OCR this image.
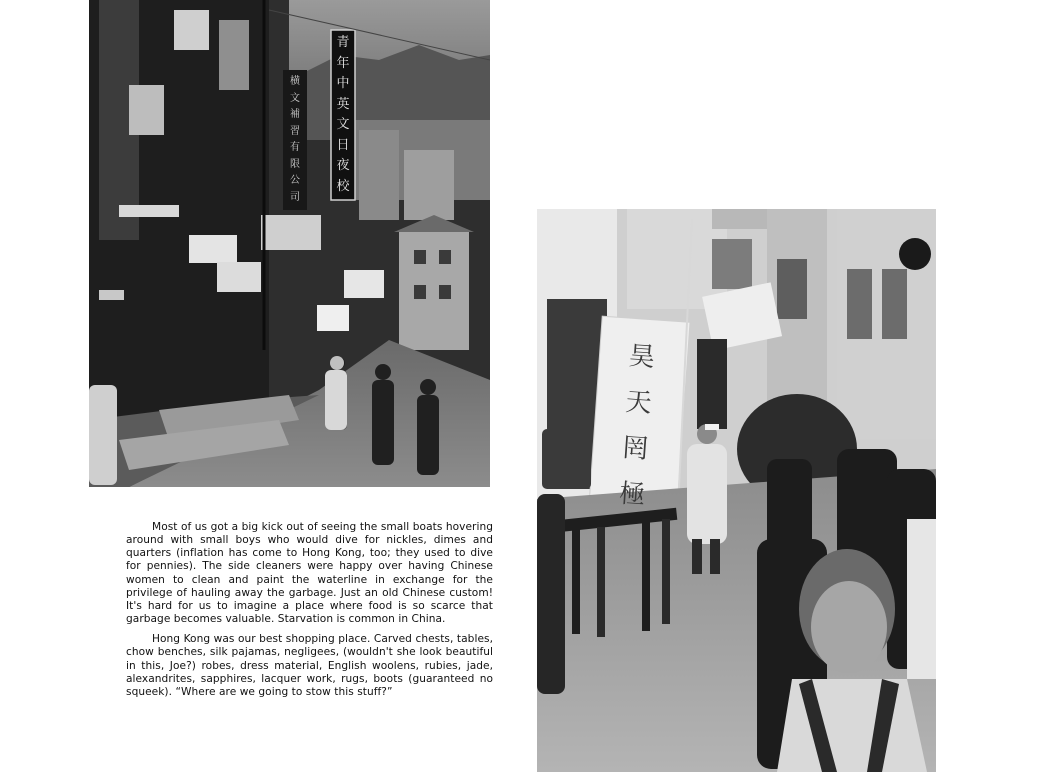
青
年
中
英
文
日
夜
校
横
文
補
習
有
限
公
司
昊
天
罔
極

Most of us got a big kick out of seeing the small boats hovering around with small boys who would dive for nickles, dimes and quarters (inflation has come to Hong Kong, too; they used to dive for pennies). The side cleaners were happy over having Chinese women to clean and paint the waterline in exchange for the privilege of hauling away the garbage. Just an old Chinese custom! It's hard for us to imagine a place where food is so scarce that garbage becomes valuable. Starvation is common in China.

Hong Kong was our best shopping place. Carved chests, tables, chow benches, silk pajamas, negligees, (wouldn't she look beautiful in this, Joe?) robes, dress material, English woolens, rubies, jade, alexandrites, sapphires, lacquer work, rugs, boots (guaranteed no squeek). “Where are we going to stow this stuff?”
